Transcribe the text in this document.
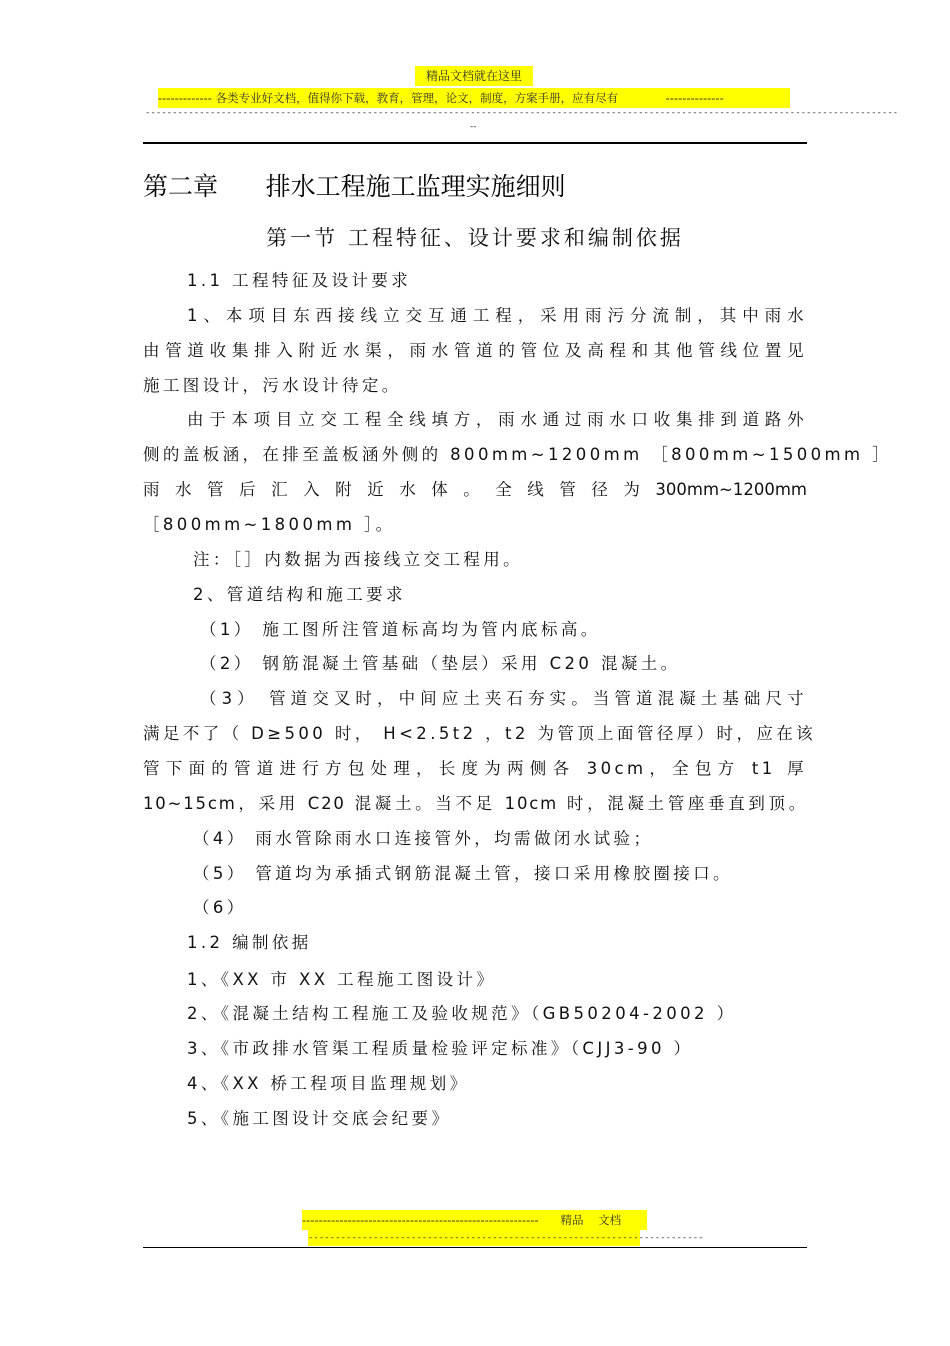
精品文档就在这里
------------- 各类专业好文档，值得你下载，教育，管理，论文，制度，方案手册，应有尽有             --------------
-------------------------------------------------------------------------------------------------------------------------------------------
--
第二章      排水工程施工监理实施细则
第一节 工程特征、设计要求和编制依据
1.1 工程特征及设计要求
1、本项目东西接线立交互通工程，采用雨污分流制，其中雨水
由管道收集排入附近水渠，雨水管道的管位及高程和其他管线位置见
施工图设计，污水设计待定。
由于本项目立交工程全线填方，雨水通过雨水口收集排到道路外
侧的盖板涵，在排至盖板涵外侧的 800mm~1200mm ［800mm~1500mm ］
雨 水 管 后 汇 入 附 近 水 体 。 全 线 管 径 为 300mm~1200mm
［800mm~1800mm ］。
注：［］内数据为西接线立交工程用。
2、管道结构和施工要求
（1） 施工图所注管道标高均为管内底标高。
（2） 钢筋混凝土管基础（垫层）采用 C20 混凝土。
（3） 管道交叉时，中间应土夹石夯实。当管道混凝土基础尺寸
满足不了（ D≥500 时， H<2.5t2 ，t2 为管顶上面管径厚）时，应在该
管下面的管道进行方包处理，长度为两侧各 30cm，全包方 t1 厚
10~15cm，采用 C20 混凝土。当不足 10cm 时，混凝土管座垂直到顶。
（4） 雨水管除雨水口连接管外，均需做闭水试验；
（5） 管道均为承插式钢筋混凝土管，接口采用橡胶圈接口。
（6）
1.2 编制依据
1、《XX 市 XX 工程施工图设计》
2、《混凝土结构工程施工及验收规范》（GB50204-2002 ）
3、《市政排水管渠工程质量检验评定标准》（CJJ3-90 ）
4、《XX 桥工程项目监理规划》
5、《施工图设计交底会纪要》
---------------------------------------------------------      精品    文档
-------------------------------------------------------------------------
